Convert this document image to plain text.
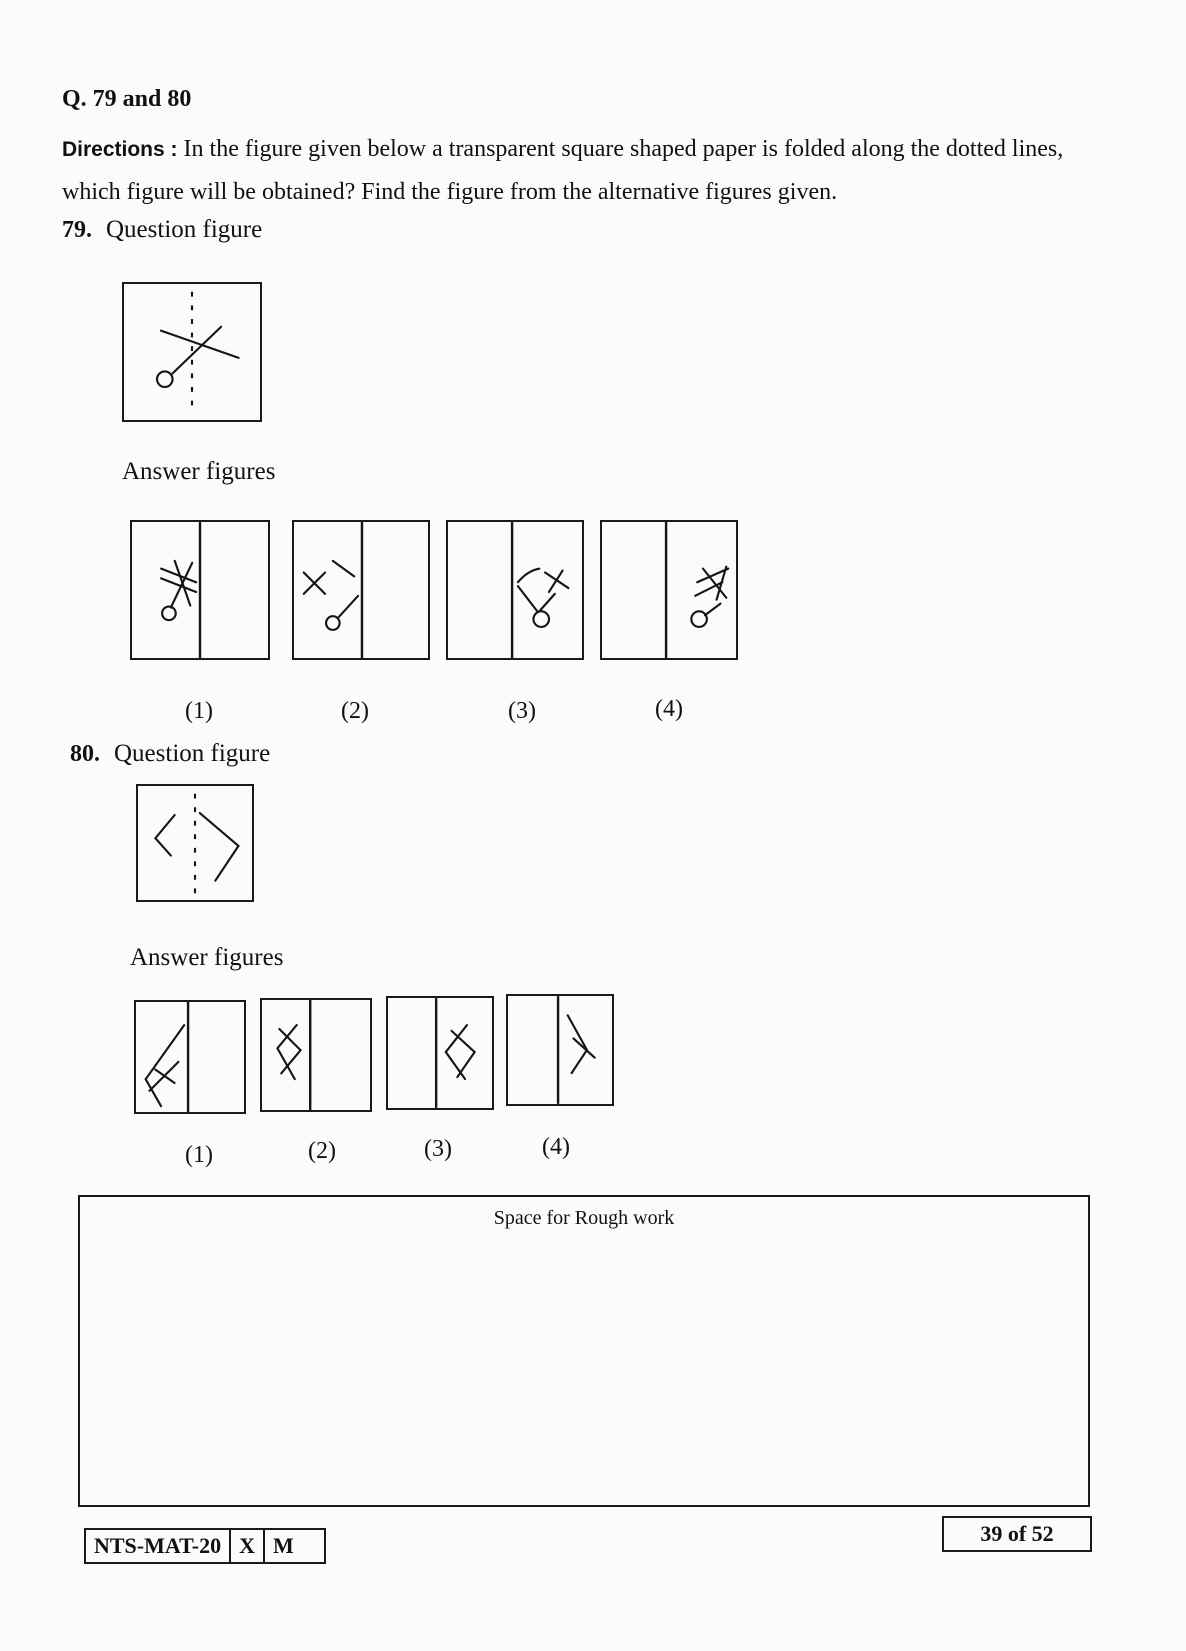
Q. 79 and 80
Directions : In the figure given below a transparent square shaped paper is folded along the dotted lines, which figure will be obtained? Find the figure from the alternative figures given.
79. Question figure
Answer figures
(1)	(2)	(3)	(4)
80. Question figure
Answer figures
(1)	(2)	(3)	(4)
Space for Rough work
NTS-MAT-20 X M	39 of 52
